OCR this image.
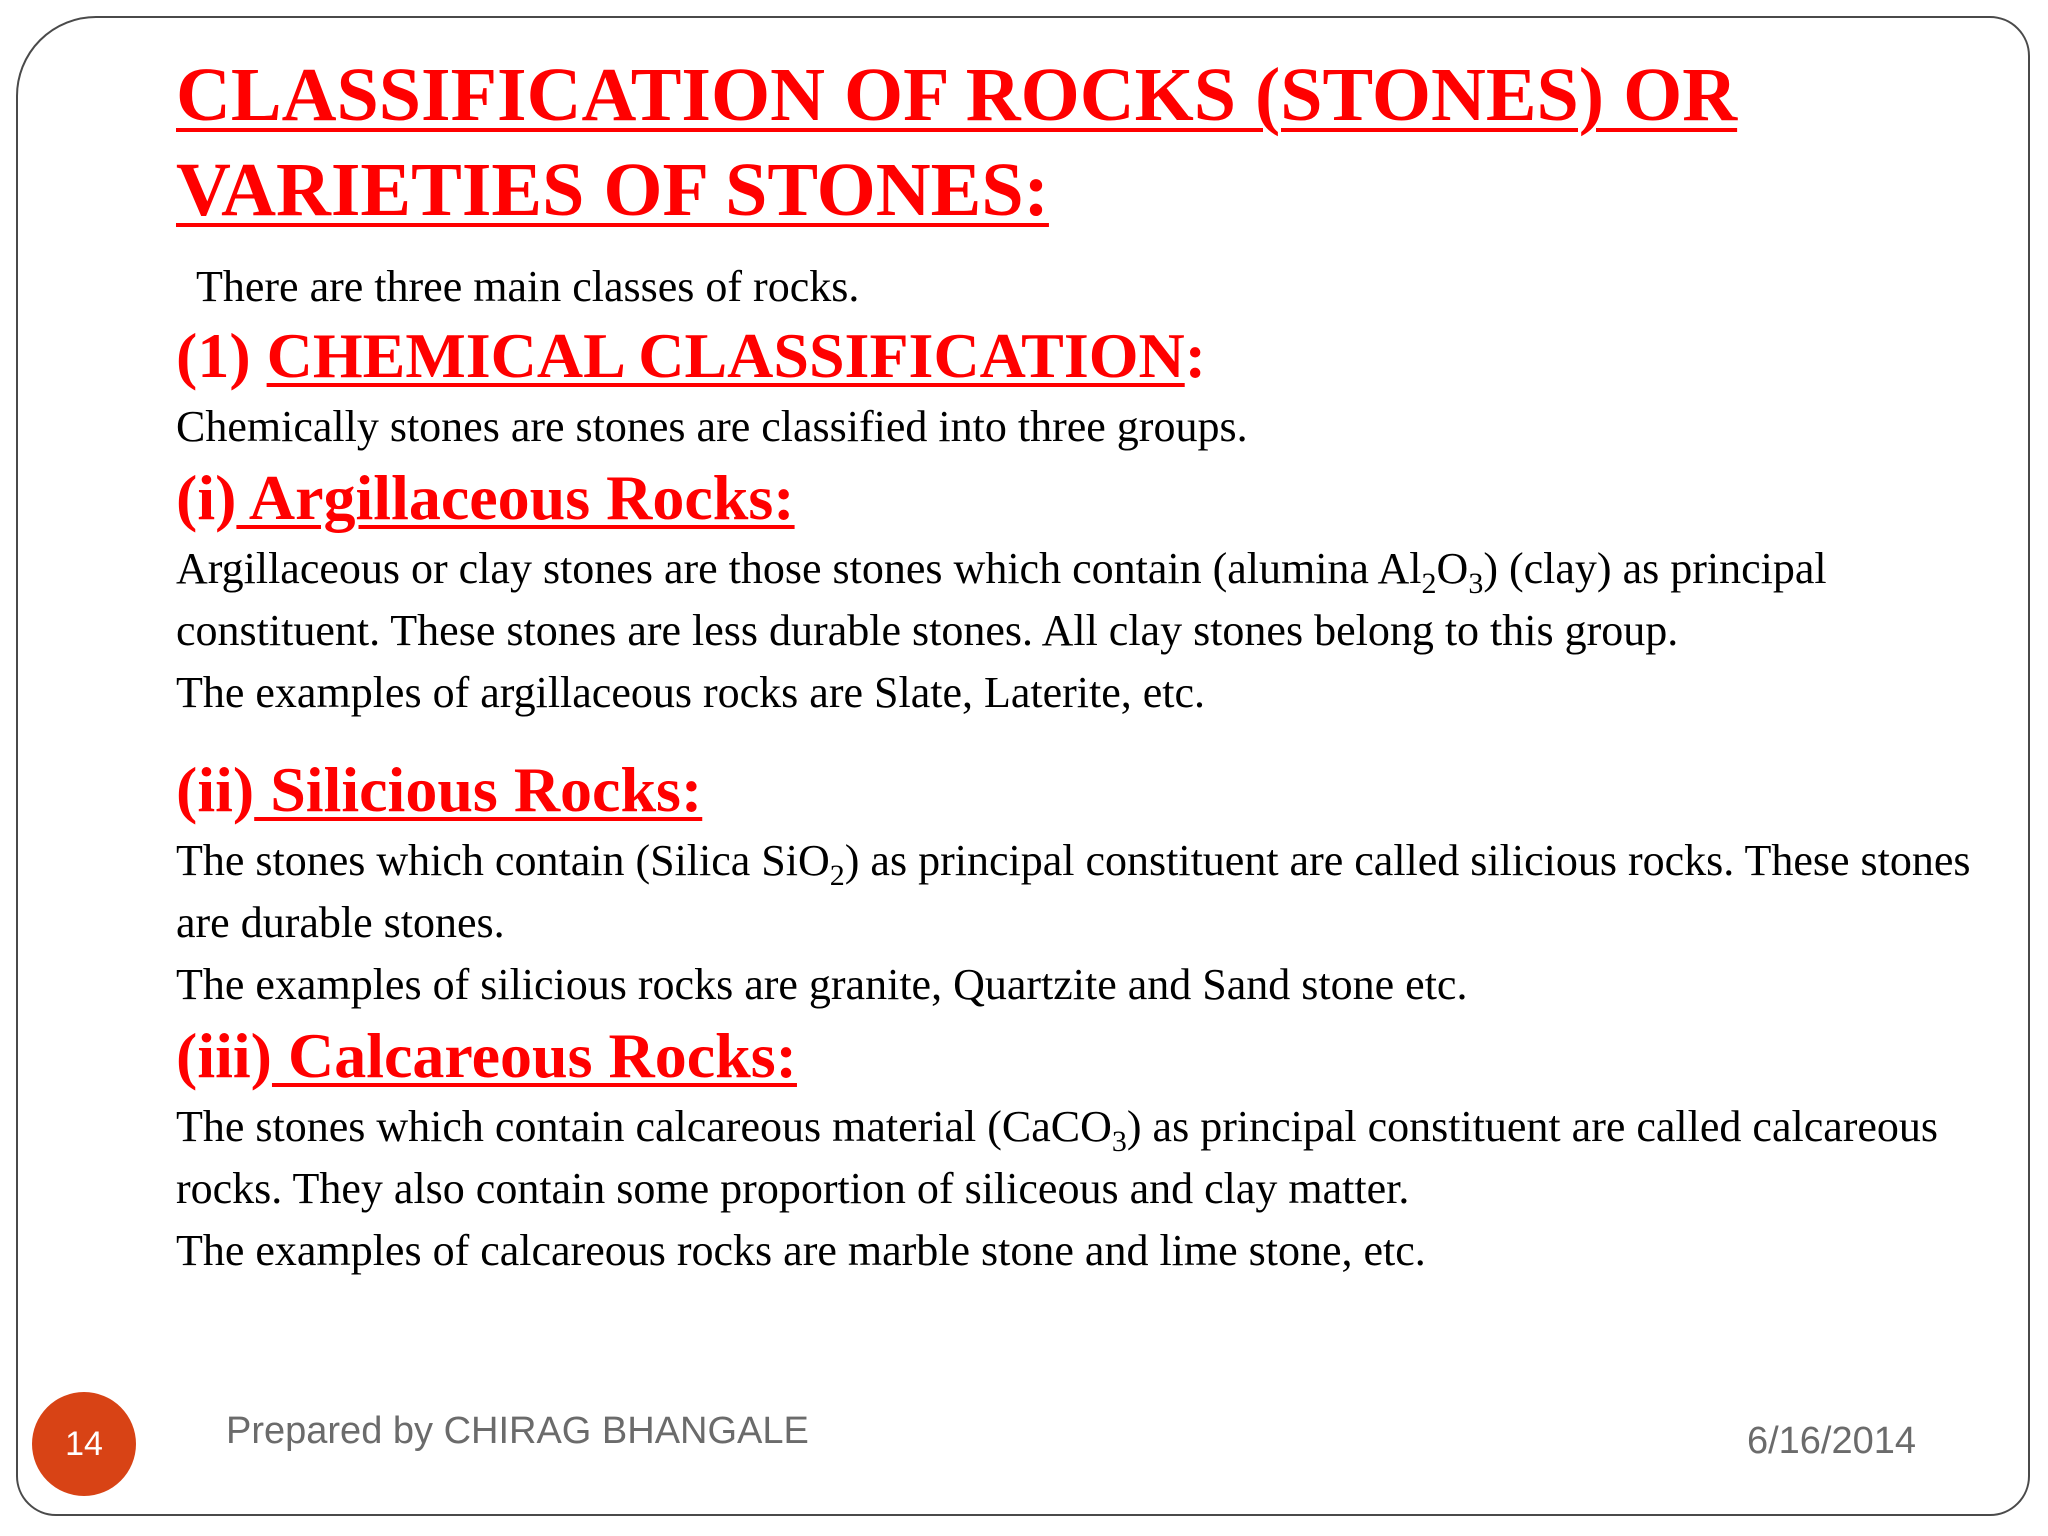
CLASSIFICATION OF ROCKS (STONES) OR
VARIETIES OF STONES:

There are three main classes of rocks.

(1) CHEMICAL CLASSIFICATION:

Chemically stones are stones are classified into three groups.

(i) Argillaceous Rocks:

Argillaceous or clay stones are those stones which contain (alumina $Al_2O_3$) (clay) as principal constituent. These stones are less durable stones. All clay stones belong to this group.

The examples of argillaceous rocks are Slate, Laterite, etc.

(ii) Silicious Rocks:

The stones which contain (Silica SiO$_2$) as principal constituent are called silicious rocks. These stones are durable stones.

The examples of silicious rocks are granite, Quartzite and Sand stone etc.

(iii) Calcareous Rocks:

The stones which contain calcareous material (CaCO$_3$) as principal constituent are called calcareous rocks. They also contain some proportion of siliceous and clay matter.

The examples of calcareous rocks are marble stone and lime stone, etc.

14	Prepared by CHIRAG BHANGALE	6/16/2014
